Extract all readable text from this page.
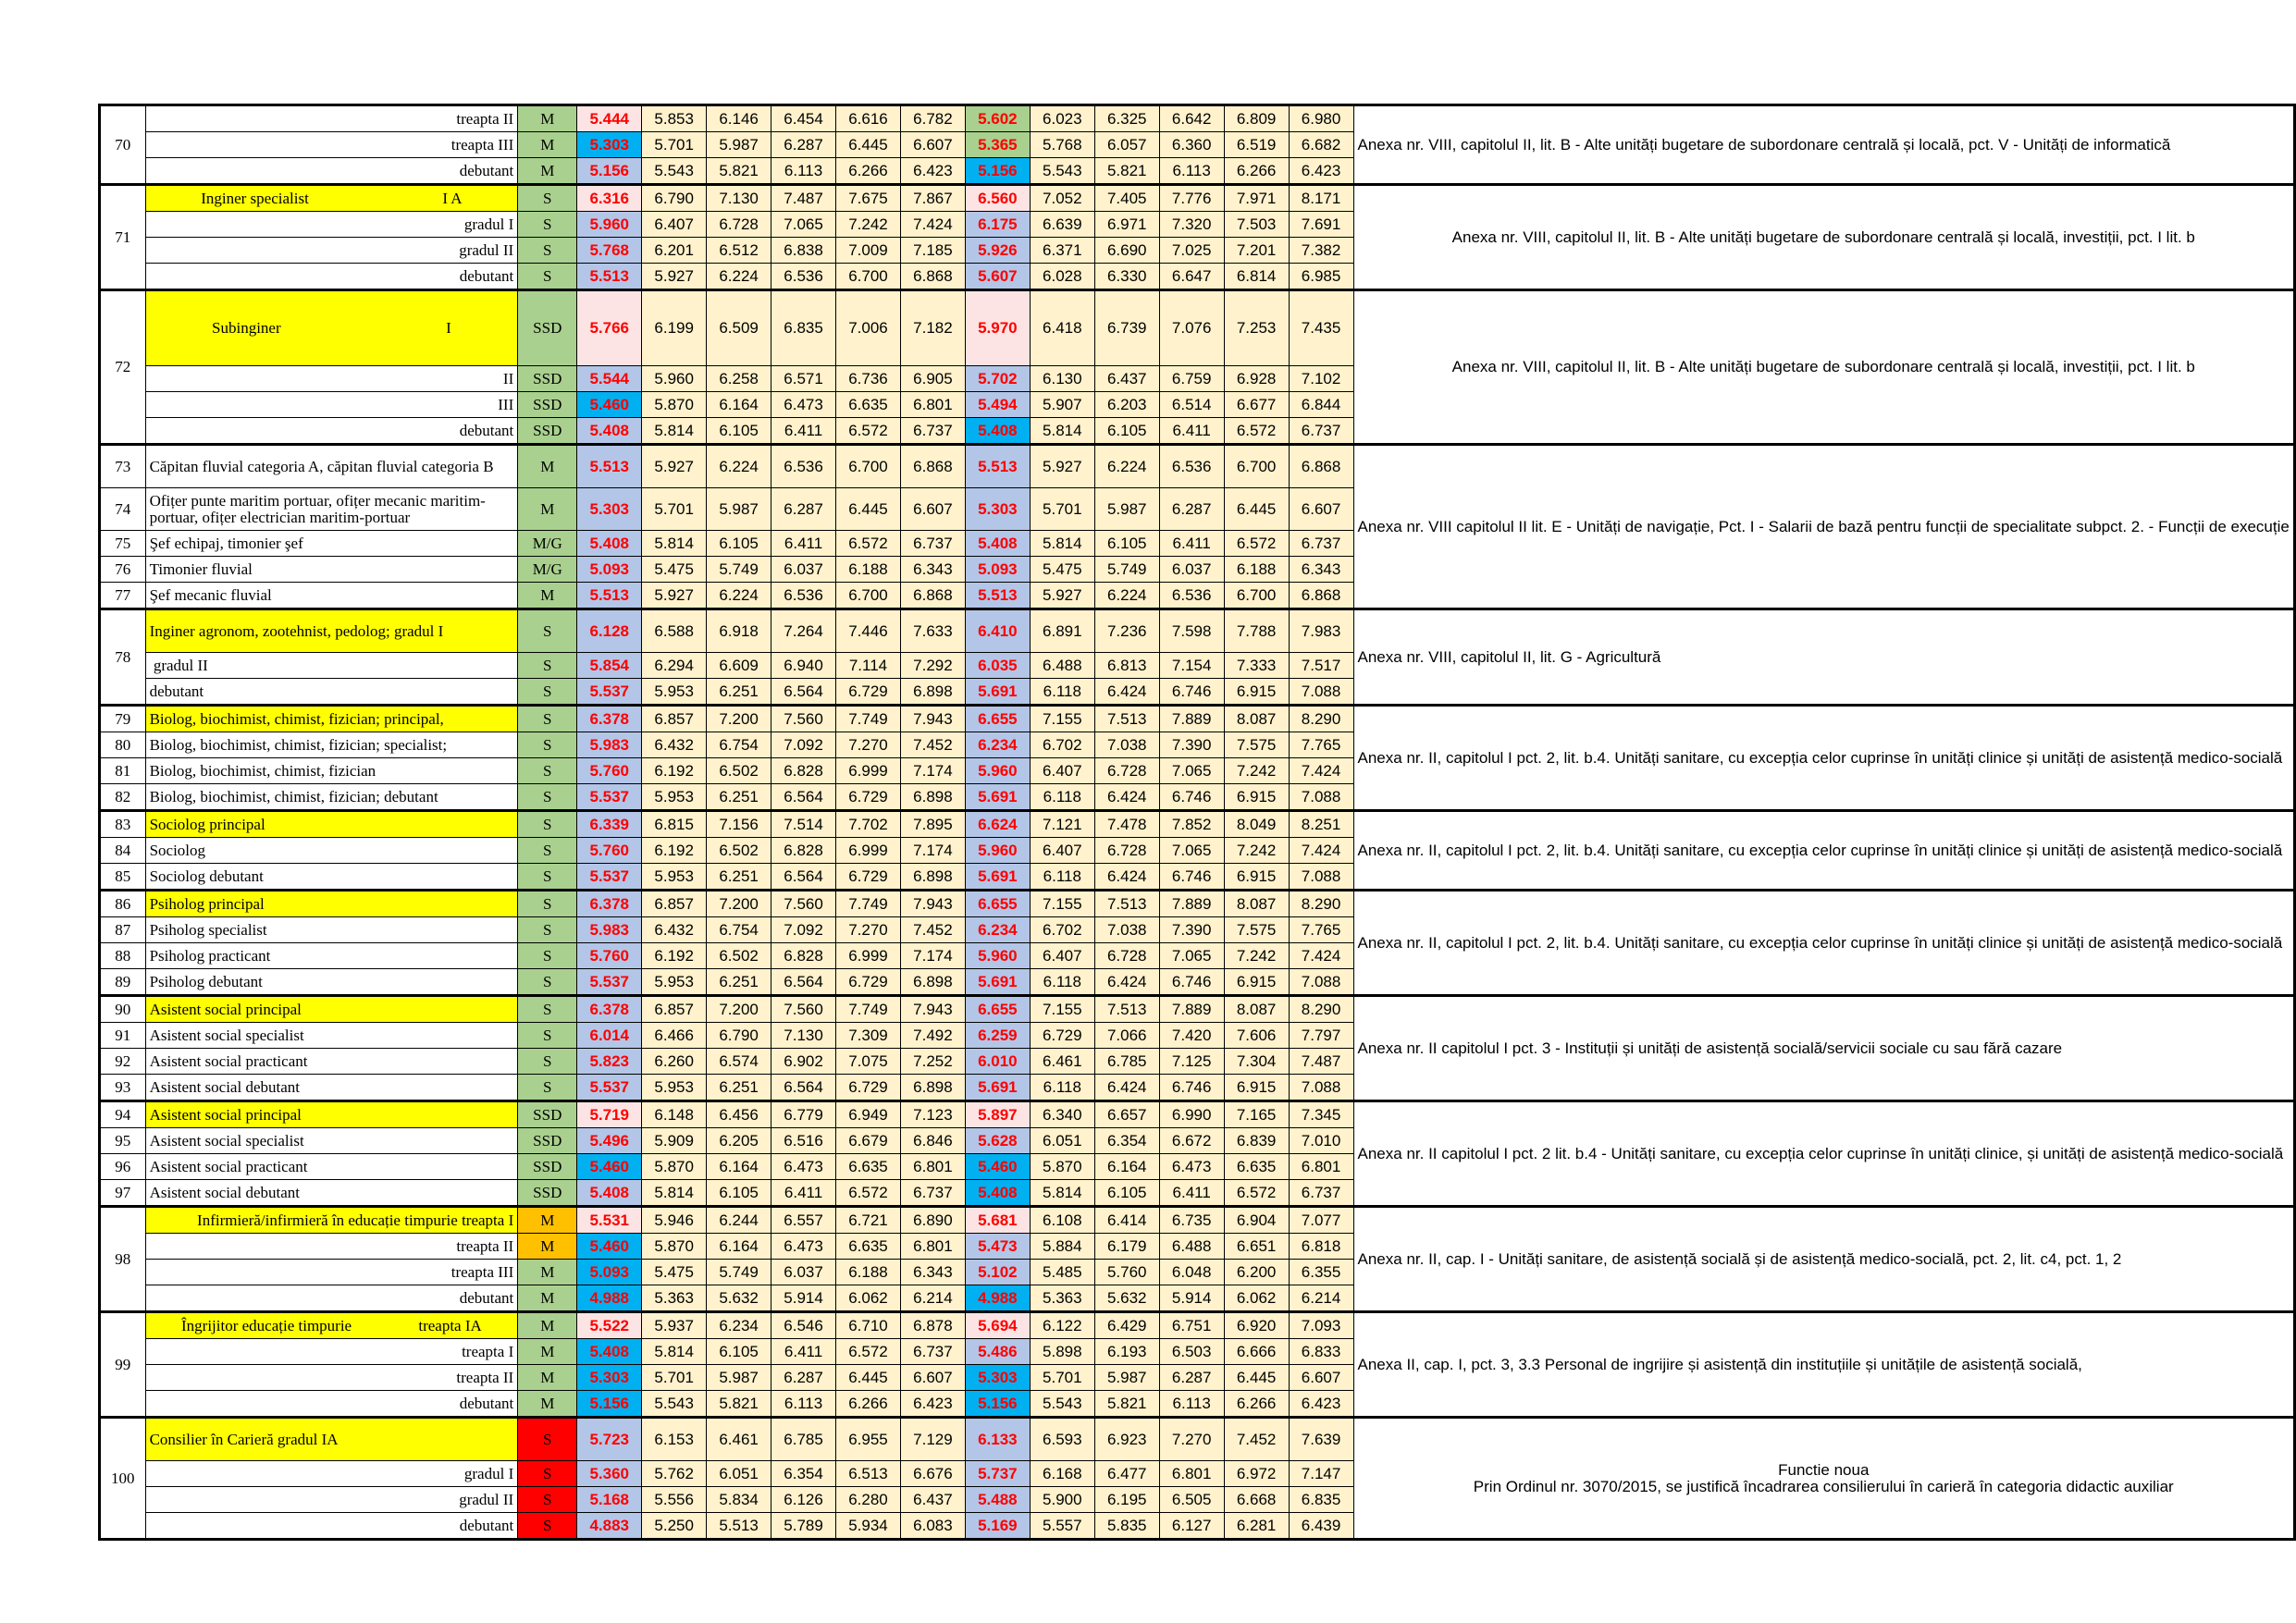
70	treapta II	M	5.444	5.853	6.146	6.454	6.616	6.782	5.602	6.023	6.325	6.642	6.809	6.980	Anexa nr. VIII, capitolul II, lit. B - Alte unități bugetare de subordonare centrală și locală, pct. V - Unități de informatică
	treapta III	M	5.303	5.701	5.987	6.287	6.445	6.607	5.365	5.768	6.057	6.360	6.519	6.682	
	debutant	M	5.156	5.543	5.821	6.113	6.266	6.423	5.156	5.543	5.821	6.113	6.266	6.423	
71	Inginer specialist                                  I A	S	6.316	6.790	7.130	7.487	7.675	7.867	6.560	7.052	7.405	7.776	7.971	8.171	Anexa nr. VIII, capitolul II, lit. B - Alte unități bugetare de subordonare centrală și locală, investiții, pct. I lit. b
	gradul I	S	5.960	6.407	6.728	7.065	7.242	7.424	6.175	6.639	6.971	7.320	7.503	7.691	
	gradul II	S	5.768	6.201	6.512	6.838	7.009	7.185	5.926	6.371	6.690	7.025	7.201	7.382	
	debutant	S	5.513	5.927	6.224	6.536	6.700	6.868	5.607	6.028	6.330	6.647	6.814	6.985	
72	Subinginer                                          I	SSD	5.766	6.199	6.509	6.835	7.006	7.182	5.970	6.418	6.739	7.076	7.253	7.435	Anexa nr. VIII, capitolul II, lit. B - Alte unități bugetare de subordonare centrală și locală, investiții, pct. I lit. b
	II	SSD	5.544	5.960	6.258	6.571	6.736	6.905	5.702	6.130	6.437	6.759	6.928	7.102	
	III	SSD	5.460	5.870	6.164	6.473	6.635	6.801	5.494	5.907	6.203	6.514	6.677	6.844	
	debutant	SSD	5.408	5.814	6.105	6.411	6.572	6.737	5.408	5.814	6.105	6.411	6.572	6.737	
73	Căpitan fluvial categoria A, căpitan fluvial categoria B	M	5.513	5.927	6.224	6.536	6.700	6.868	5.513	5.927	6.224	6.536	6.700	6.868	Anexa nr. VIII capitolul II lit. E - Unități de navigație, Pct. I - Salarii de bază pentru funcții de specialitate subpct. 2. - Funcții de execuție
74	Ofițer punte maritim portuar, ofițer mecanic maritim-portuar, ofițer electrician maritim-portuar	M	5.303	5.701	5.987	6.287	6.445	6.607	5.303	5.701	5.987	6.287	6.445	6.607	
75	Şef echipaj, timonier şef	M/G	5.408	5.814	6.105	6.411	6.572	6.737	5.408	5.814	6.105	6.411	6.572	6.737	
76	Timonier fluvial	M/G	5.093	5.475	5.749	6.037	6.188	6.343	5.093	5.475	5.749	6.037	6.188	6.343	
77	Şef mecanic fluvial	M	5.513	5.927	6.224	6.536	6.700	6.868	5.513	5.927	6.224	6.536	6.700	6.868	
78	Inginer agronom, zootehnist, pedolog; gradul I	S	6.128	6.588	6.918	7.264	7.446	7.633	6.410	6.891	7.236	7.598	7.788	7.983	Anexa nr. VIII, capitolul II, lit. G - Agricultură
	gradul II	S	5.854	6.294	6.609	6.940	7.114	7.292	6.035	6.488	6.813	7.154	7.333	7.517	
	debutant	S	5.537	5.953	6.251	6.564	6.729	6.898	5.691	6.118	6.424	6.746	6.915	7.088	
79	Biolog, biochimist, chimist, fizician; principal,	S	6.378	6.857	7.200	7.560	7.749	7.943	6.655	7.155	7.513	7.889	8.087	8.290	Anexa nr. II, capitolul I pct. 2, lit. b.4. Unități sanitare, cu excepția celor cuprinse în unități clinice și unități de asistență medico-socială
80	Biolog, biochimist, chimist, fizician; specialist;	S	5.983	6.432	6.754	7.092	7.270	7.452	6.234	6.702	7.038	7.390	7.575	7.765	
81	Biolog, biochimist, chimist, fizician	S	5.760	6.192	6.502	6.828	6.999	7.174	5.960	6.407	6.728	7.065	7.242	7.424	
82	Biolog, biochimist, chimist, fizician; debutant	S	5.537	5.953	6.251	6.564	6.729	6.898	5.691	6.118	6.424	6.746	6.915	7.088	
83	Sociolog principal	S	6.339	6.815	7.156	7.514	7.702	7.895	6.624	7.121	7.478	7.852	8.049	8.251	Anexa nr. II, capitolul I pct. 2, lit. b.4. Unități sanitare, cu excepția celor cuprinse în unități clinice și unități de asistență medico-socială
84	Sociolog	S	5.760	6.192	6.502	6.828	6.999	7.174	5.960	6.407	6.728	7.065	7.242	7.424	
85	Sociolog debutant	S	5.537	5.953	6.251	6.564	6.729	6.898	5.691	6.118	6.424	6.746	6.915	7.088	
86	Psiholog principal	S	6.378	6.857	7.200	7.560	7.749	7.943	6.655	7.155	7.513	7.889	8.087	8.290	Anexa nr. II, capitolul I pct. 2, lit. b.4. Unități sanitare, cu excepția celor cuprinse în unități clinice și unități de asistență medico-socială
87	Psiholog specialist	S	5.983	6.432	6.754	7.092	7.270	7.452	6.234	6.702	7.038	7.390	7.575	7.765	
88	Psiholog practicant	S	5.760	6.192	6.502	6.828	6.999	7.174	5.960	6.407	6.728	7.065	7.242	7.424	
89	Psiholog debutant	S	5.537	5.953	6.251	6.564	6.729	6.898	5.691	6.118	6.424	6.746	6.915	7.088	
90	Asistent social principal	S	6.378	6.857	7.200	7.560	7.749	7.943	6.655	7.155	7.513	7.889	8.087	8.290	Anexa nr. II capitolul I pct. 3 - Instituții și unități de asistență socială/servicii sociale cu sau fără cazare
91	Asistent social specialist	S	6.014	6.466	6.790	7.130	7.309	7.492	6.259	6.729	7.066	7.420	7.606	7.797	
92	Asistent social practicant	S	5.823	6.260	6.574	6.902	7.075	7.252	6.010	6.461	6.785	7.125	7.304	7.487	
93	Asistent social debutant	S	5.537	5.953	6.251	6.564	6.729	6.898	5.691	6.118	6.424	6.746	6.915	7.088	
94	Asistent social principal	SSD	5.719	6.148	6.456	6.779	6.949	7.123	5.897	6.340	6.657	6.990	7.165	7.345	Anexa nr. II capitolul I pct. 2 lit. b.4 - Unități sanitare, cu excepția celor cuprinse în unități clinice, și unități de asistență medico-socială
95	Asistent social specialist	SSD	5.496	5.909	6.205	6.516	6.679	6.846	5.628	6.051	6.354	6.672	6.839	7.010	
96	Asistent social practicant	SSD	5.460	5.870	6.164	6.473	6.635	6.801	5.460	5.870	6.164	6.473	6.635	6.801	
97	Asistent social debutant	SSD	5.408	5.814	6.105	6.411	6.572	6.737	5.408	5.814	6.105	6.411	6.572	6.737	
98	Infirmieră/infirmieră în educație timpurie treapta I	M	5.531	5.946	6.244	6.557	6.721	6.890	5.681	6.108	6.414	6.735	6.904	7.077	Anexa nr. II, cap. I - Unități sanitare, de asistență socială și de asistență medico-socială, pct. 2, lit. c4, pct. 1, 2
	treapta II	M	5.460	5.870	6.164	6.473	6.635	6.801	5.473	5.884	6.179	6.488	6.651	6.818	
	treapta III	M	5.093	5.475	5.749	6.037	6.188	6.343	5.102	5.485	5.760	6.048	6.200	6.355	
	debutant	M	4.988	5.363	5.632	5.914	6.062	6.214	4.988	5.363	5.632	5.914	6.062	6.214	
99	Îngrijitor educație timpurie                 treapta IA	M	5.522	5.937	6.234	6.546	6.710	6.878	5.694	6.122	6.429	6.751	6.920	7.093	Anexa II, cap. I, pct. 3, 3.3 Personal de ingrijire și asistență din instituțiile și unitățile de asistență socială,
	treapta I	M	5.408	5.814	6.105	6.411	6.572	6.737	5.486	5.898	6.193	6.503	6.666	6.833	
	treapta II	M	5.303	5.701	5.987	6.287	6.445	6.607	5.303	5.701	5.987	6.287	6.445	6.607	
	debutant	M	5.156	5.543	5.821	6.113	6.266	6.423	5.156	5.543	5.821	6.113	6.266	6.423	
100	Consilier în Carieră gradul IA	S	5.723	6.153	6.461	6.785	6.955	7.129	6.133	6.593	6.923	7.270	7.452	7.639	Functie noua
Prin Ordinul nr. 3070/2015, se justifică încadrarea consilierului în carieră în categoria didactic auxiliar
	gradul I	S	5.360	5.762	6.051	6.354	6.513	6.676	5.737	6.168	6.477	6.801	6.972	7.147	
	gradul II	S	5.168	5.556	5.834	6.126	6.280	6.437	5.488	5.900	6.195	6.505	6.668	6.835	
	debutant	S	4.883	5.250	5.513	5.789	5.934	6.083	5.169	5.557	5.835	6.127	6.281	6.439	
